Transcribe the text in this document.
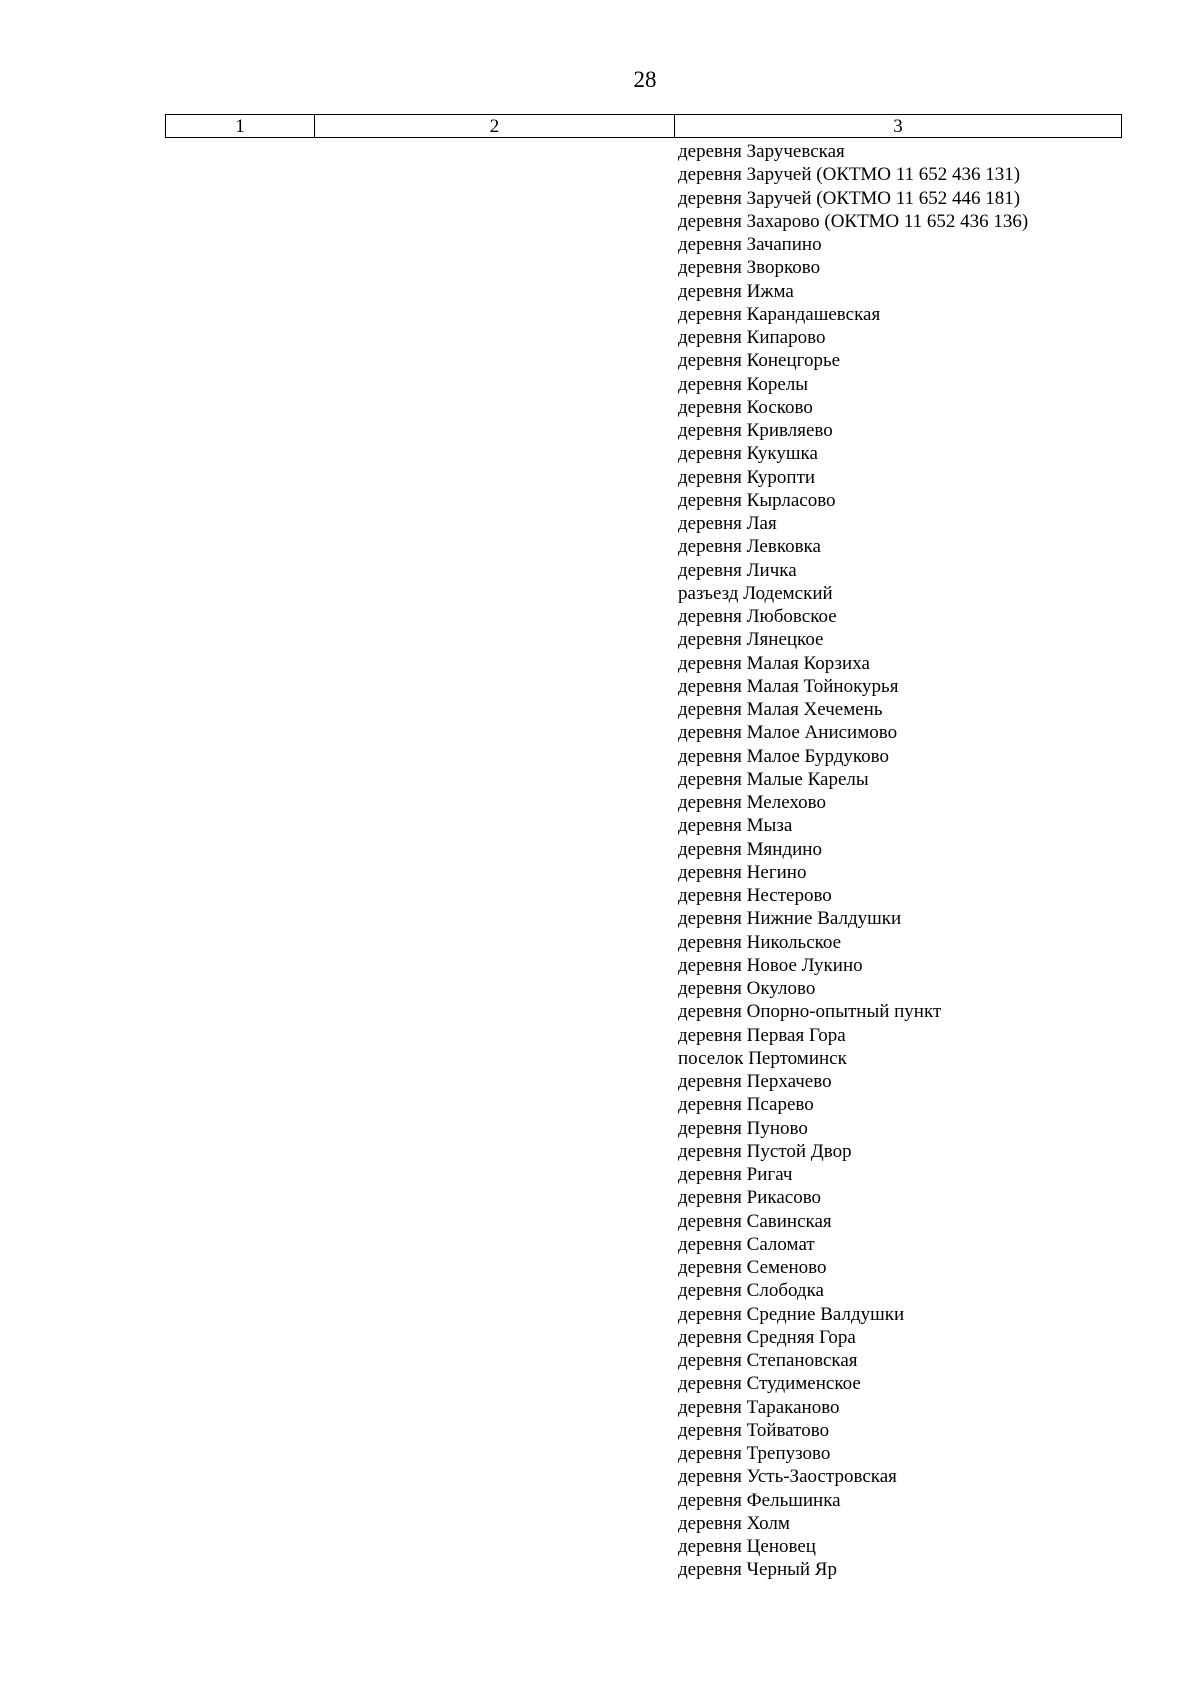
28
1	2	3
деревня Заручевская
деревня Заручей (ОКТМО 11 652 436 131)
деревня Заручей (ОКТМО 11 652 446 181)
деревня Захарово (ОКТМО 11 652 436 136)
деревня Зачапино
деревня Зворково
деревня Ижма
деревня Карандашевская
деревня Кипарово
деревня Конецгорье
деревня Корелы
деревня Косково
деревня Кривляево
деревня Кукушка
деревня Куропти
деревня Кырласово
деревня Лая
деревня Левковка
деревня Личка
разъезд Лодемский
деревня Любовское
деревня Лянецкое
деревня Малая Корзиха
деревня Малая Тойнокурья
деревня Малая Хечемень
деревня Малое Анисимово
деревня Малое Бурдуково
деревня Малые Карелы
деревня Мелехово
деревня Мыза
деревня Мяндино
деревня Негино
деревня Нестерово
деревня Нижние Валдушки
деревня Никольское
деревня Новое Лукино
деревня Окулово
деревня Опорно-опытный пункт
деревня Первая Гора
поселок Пертоминск
деревня Перхачево
деревня Псарево
деревня Пуново
деревня Пустой Двор
деревня Ригач
деревня Рикасово
деревня Савинская
деревня Саломат
деревня Семеново
деревня Слободка
деревня Средние Валдушки
деревня Средняя Гора
деревня Степановская
деревня Студименское
деревня Тараканово
деревня Тойватово
деревня Трепузово
деревня Усть-Заостровская
деревня Фельшинка
деревня Холм
деревня Ценовец
деревня Черный Яр
